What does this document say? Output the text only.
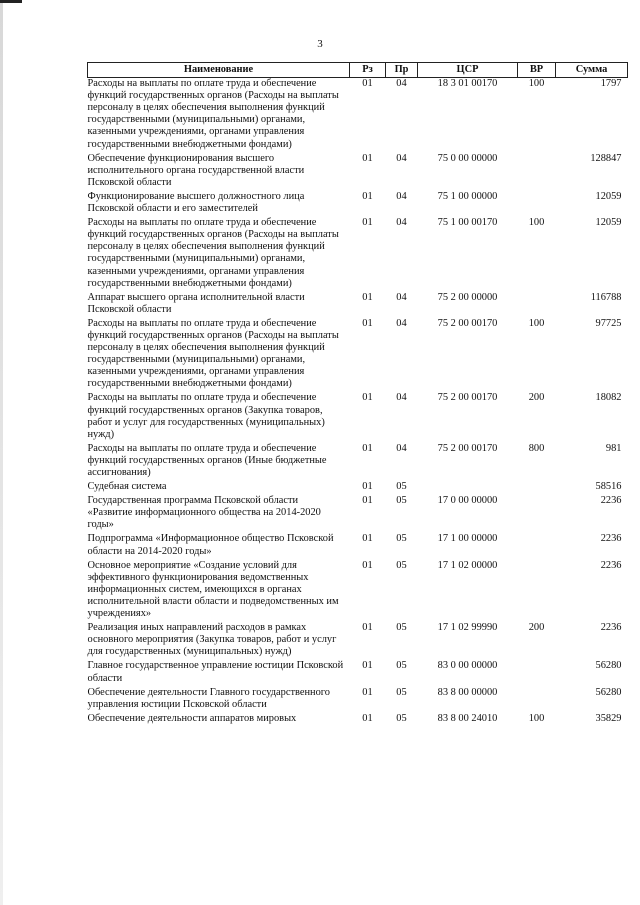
3
Наименование	Рз	Пр	ЦСР	ВР	Сумма
Расходы на выплаты по оплате труда и обеспечение функций государственных органов (Расходы на выплаты персоналу в целях обеспечения выполнения функций государственными (муниципальными) органами, казенными учреждениями, органами управления государственными внебюджетными фондами)	01	04	18 3 01 00170	100	1797
Обеспечение функционирования высшего исполнительного органа государственной власти Псковской области	01	04	75 0 00 00000		128847
Функционирование высшего должностного лица Псковской области и его заместителей	01	04	75 1 00 00000		12059
Расходы на выплаты по оплате труда и обеспечение функций государственных органов (Расходы на выплаты персоналу в целях обеспечения выполнения функций государственными (муниципальными) органами, казенными учреждениями, органами управления государственными внебюджетными фондами)	01	04	75 1 00 00170	100	12059
Аппарат высшего органа исполнительной власти Псковской области	01	04	75 2 00 00000		116788
Расходы на выплаты по оплате труда и обеспечение функций государственных органов (Расходы на выплаты персоналу в целях обеспечения выполнения функций государственными (муниципальными) органами, казенными учреждениями, органами управления государственными внебюджетными фондами)	01	04	75 2 00 00170	100	97725
Расходы на выплаты по оплате труда и обеспечение функций государственных органов (Закупка товаров, работ и услуг для государственных (муниципальных) нужд)	01	04	75 2 00 00170	200	18082
Расходы на выплаты по оплате труда и обеспечение функций государственных органов (Иные бюджетные ассигнования)	01	04	75 2 00 00170	800	981
Судебная система	01	05			58516
Государственная программа Псковской области «Развитие информационного общества на 2014-2020 годы»	01	05	17 0 00 00000		2236
Подпрограмма «Информационное общество Псковской области на 2014-2020 годы»	01	05	17 1 00 00000		2236
Основное мероприятие «Создание условий для эффективного функционирования ведомственных информационных систем, имеющихся в органах исполнительной власти области и подведомственных им учреждениях»	01	05	17 1 02 00000		2236
Реализация иных направлений расходов в рамках основного мероприятия (Закупка товаров, работ и услуг для государственных (муниципальных) нужд)	01	05	17 1 02 99990	200	2236
Главное государственное управление юстиции Псковской области	01	05	83 0 00 00000		56280
Обеспечение деятельности Главного государственного управления юстиции Псковской области	01	05	83 8 00 00000		56280
Обеспечение деятельности аппаратов мировых	01	05	83 8 00 24010	100	35829
